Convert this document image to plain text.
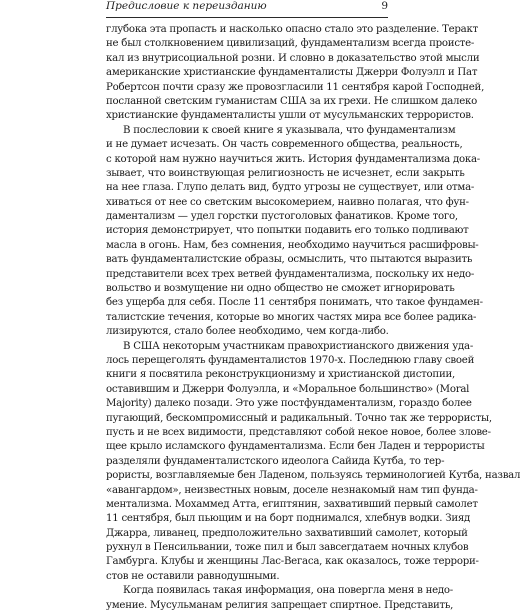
Предисловие к переизданию	9
глубока эта пропасть и насколько опасно стало это разделение. Теракт
не был столкновением цивилизаций, фундаментализм всегда происте-
кал из внутрисоциальной розни. И словно в доказательство этой мысли
американские христианские фундаменталисты Джерри Фолуэлл и Пат
Робертсон почти сразу же провозгласили 11 сентября карой Господней,
посланной светским гуманистам США за их грехи. Не слишком далеко
христианские фундаменталисты ушли от мусульманских террористов.
В послесловии к своей книге я указывала, что фундаментализм
и не думает исчезать. Он часть современного общества, реальность,
с которой нам нужно научиться жить. История фундаментализма дока-
зывает, что воинствующая религиозность не исчезнет, если закрыть
на нее глаза. Глупо делать вид, будто угрозы не существует, или отма-
хиваться от нее со светским высокомерием, наивно полагая, что фун-
даментализм — удел горстки пустоголовых фанатиков. Кроме того,
история демонстрирует, что попытки подавить его только подливают
масла в огонь. Нам, без сомнения, необходимо научиться расшифровы-
вать фундаменталистские образы, осмыслить, что пытаются выразить
представители всех трех ветвей фундаментализма, поскольку их недо-
вольство и возмущение ни одно общество не сможет игнорировать
без ущерба для себя. После 11 сентября понимать, что такое фундамен-
талистские течения, которые во многих частях мира все более радика-
лизируются, стало более необходимо, чем когда-либо.
В США некоторым участникам правохристианского движения уда-
лось перещеголять фундаменталистов 1970-х. Последнюю главу своей
книги я посвятила реконструкционизму и христианской дистопии,
оставившим и Джерри Фолуэлла, и «Моральное большинство» (Moral
Majority) далеко позади. Это уже постфундаментализм, гораздо более
пугающий, бескомпромиссный и радикальный. Точно так же террористы,
пусть и не всех видимости, представляют собой некое новое, более злове-
щее крыло исламского фундаментализма. Если бен Ладен и террористы
разделяли фундаменталистского идеолога Сайида Кутба, то тер-
рористы, возглавляемые бен Ладеном, пользуясь терминологией Кутба, назвал
«авангардом», неизвестных новым, доселе незнакомый нам тип фунда-
ментализма. Мохаммед Атта, египтянин, захвативший первый самолет
11 сентября, был пьющим и на борт поднимался, хлебнув водки. Зияд
Джарра, ливанец, предположительно захвативший самолет, который
рухнул в Пенсильвании, тоже пил и был завсегдатаем ночных клубов
Гамбурга. Клубы и женщины Лас-Вегаса, как оказалось, тоже террори-
стов не оставили равнодушными.
Когда появилась такая информация, она повергла меня в недо-
умение. Мусульманам религия запрещает спиртное. Представить,
